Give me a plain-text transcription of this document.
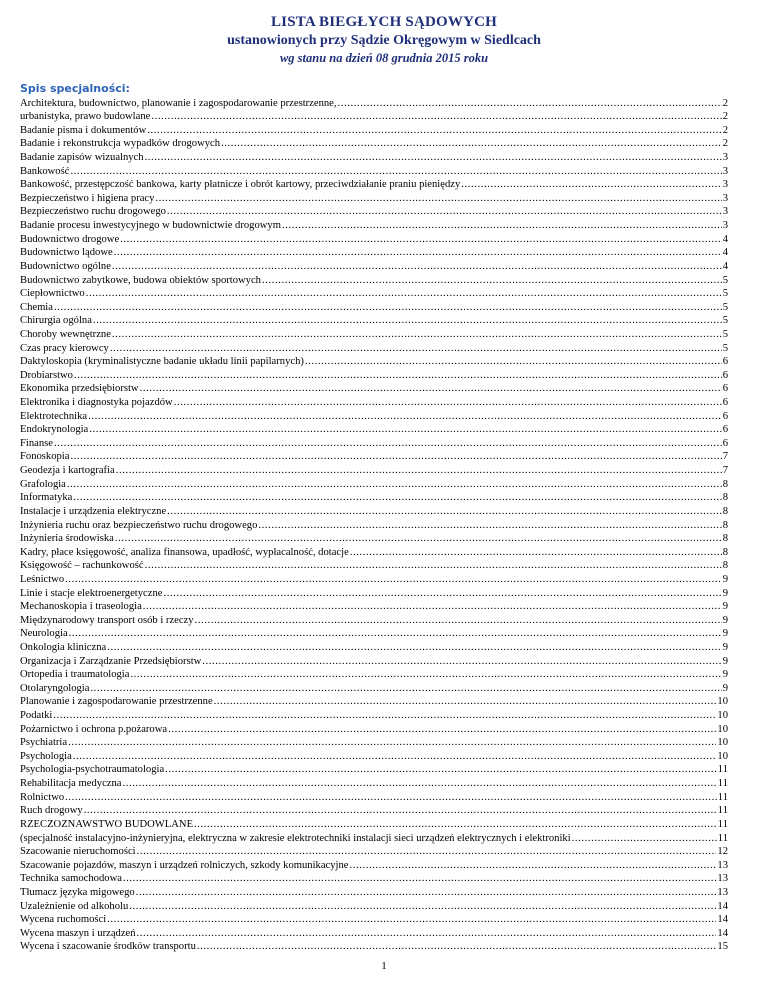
LISTA BIEGŁYCH SĄDOWYCH
ustanowionych przy Sądzie Okręgowym w Siedlcach
wg stanu na dzień 08 grudnia 2015 roku
Spis specjalności:
Architektura, budownictwo, planowanie i zagospodarowanie przestrzenne, .....	2
urbanistyka, prawo budowlane .....	2
Badanie pisma i dokumentów .....	2
Badanie i rekonstrukcja wypadków drogowych .....	2
Badanie zapisów wizualnych .....	3
Bankowość .....	3
Bankowość, przestępczość bankowa, karty płatnicze i obrót kartowy, przeciwdziałanie praniu pieniędzy .....	3
Bezpieczeństwo i higiena pracy .....	3
Bezpieczeństwo ruchu drogowego .....	3
Badanie procesu inwestycyjnego w budownictwie drogowym .....	3
Budownictwo drogowe .....	4
Budownictwo lądowe .....	4
Budownictwo ogólne .....	4
Budownictwo zabytkowe, budowa obiektów sportowych .....	5
Ciepłownictwo .....	5
Chemia .....	5
Chirurgia ogólna .....	5
Choroby wewnętrzne .....	5
Czas pracy kierowcy .....	5
Daktyloskopia (kryminalistyczne badanie układu linii papilarnych) .....	6
Drobiarstwo .....	6
Ekonomika przedsiębiorstw .....	6
Elektronika i diagnostyka pojazdów .....	6
Elektrotechnika .....	6
Endokrynologia .....	6
Finanse .....	6
Fonoskopia .....	7
Geodezja i kartografia .....	7
Grafologia .....	8
Informatyka .....	8
Instalacje i urządzenia elektryczne .....	8
Inżynieria ruchu oraz bezpieczeństwo ruchu drogowego .....	8
Inżynieria środowiska .....	8
Kadry, płace księgowość, analiza finansowa, upadłość, wypłacalność, dotacje .....	8
Księgowość – rachunkowość .....	8
Leśnictwo .....	9
Linie i stacje elektroenergetyczne .....	9
Mechanoskopia i traseologia .....	9
Międzynarodowy transport osób i rzeczy .....	9
Neurologia .....	9
Onkologia kliniczna .....	9
Organizacja i Zarządzanie Przedsiębiorstw .....	9
Ortopedia i traumatologia .....	9
Otolaryngologia .....	9
Planowanie i zagospodarowanie przestrzenne .....	10
Podatki .....	10
Pożarnictwo i ochrona p.pożarowa .....	10
Psychiatria .....	10
Psychologia .....	10
Psychologia-psychotraumatologia .....	11
Rehabilitacja medyczna .....	11
Rolnictwo .....	11
Ruch drogowy .....	11
RZECZOZNAWSTWO BUDOWLANE .....	11
(specjalność instalacyjno-inżynieryjna, elektryczna w zakresie elektrotechniki instalacji sieci urządzeń elektrycznych i elektroniki .....	11
Szacowanie nieruchomości .....	12
Szacowanie pojazdów, maszyn i urządzeń rolniczych, szkody komunikacyjne .....	13
Technika samochodowa .....	13
Tłumacz języka migowego .....	13
Uzależnienie od alkoholu .....	14
Wycena ruchomości .....	14
Wycena maszyn i urządzeń .....	14
Wycena i szacowanie środków transportu .....	15
1
